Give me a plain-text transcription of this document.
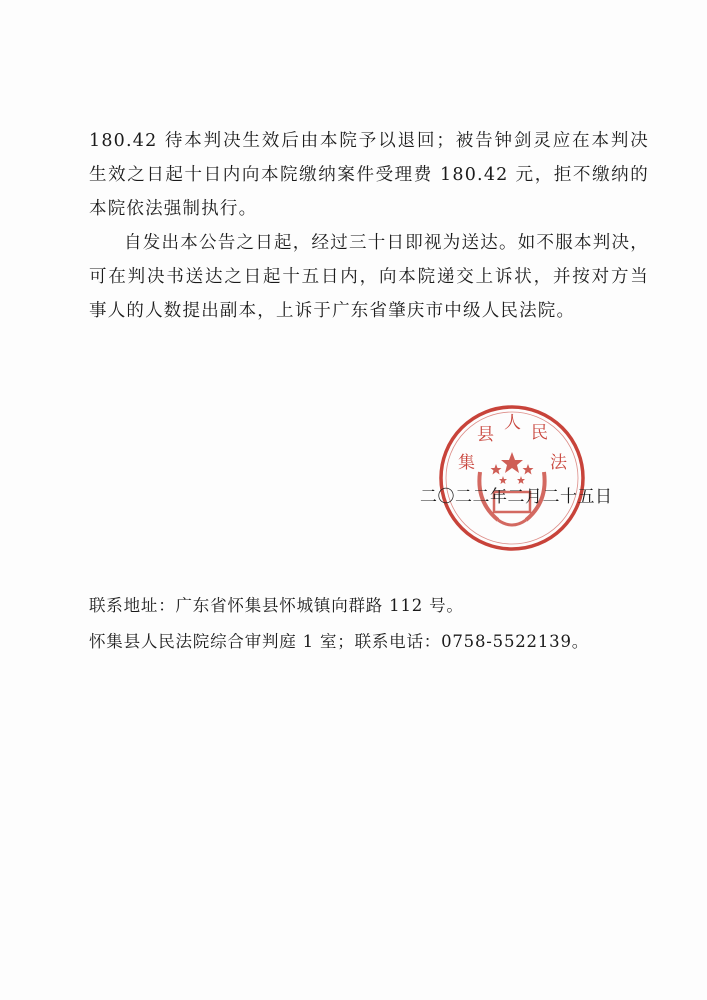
180.42 待本判决生效后由本院予以退回；被告钟剑灵应在本判决生效之日起十日内向本院缴纳案件受理费 180.42 元，拒不缴纳的本院依法强制执行。

自发出本公告之日起，经过三十日即视为送达。如不服本判决，可在判决书送达之日起十五日内，向本院递交上诉状，并按对方当事人的人数提出副本，上诉于广东省肇庆市中级人民法院。

集
县
人 民
法
二〇二二年二月二十五日
联系地址：广东省怀集县怀城镇向群路 112 号。
怀集县人民法院综合审判庭 1 室；联系电话：0758-5522139。
